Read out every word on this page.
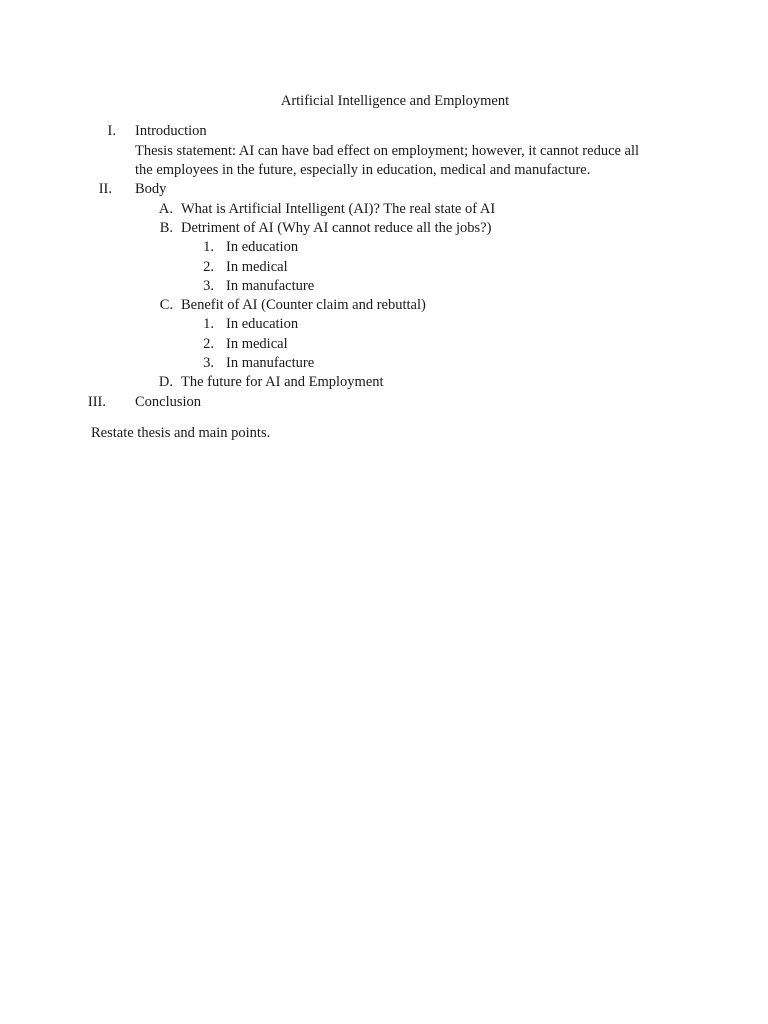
Artificial Intelligence and Employment
I. Introduction
Thesis statement: AI can have bad effect on employment; however, it cannot reduce all
the employees in the future, especially in education, medical and manufacture.
II. Body
A. What is Artificial Intelligent (AI)? The real state of AI
B. Detriment of AI (Why AI cannot reduce all the jobs?)
1. In education
2. In medical
3. In manufacture
C. Benefit of AI (Counter claim and rebuttal)
1. In education
2. In medical
3. In manufacture
D. The future for AI and Employment
III. Conclusion
Restate thesis and main points.
